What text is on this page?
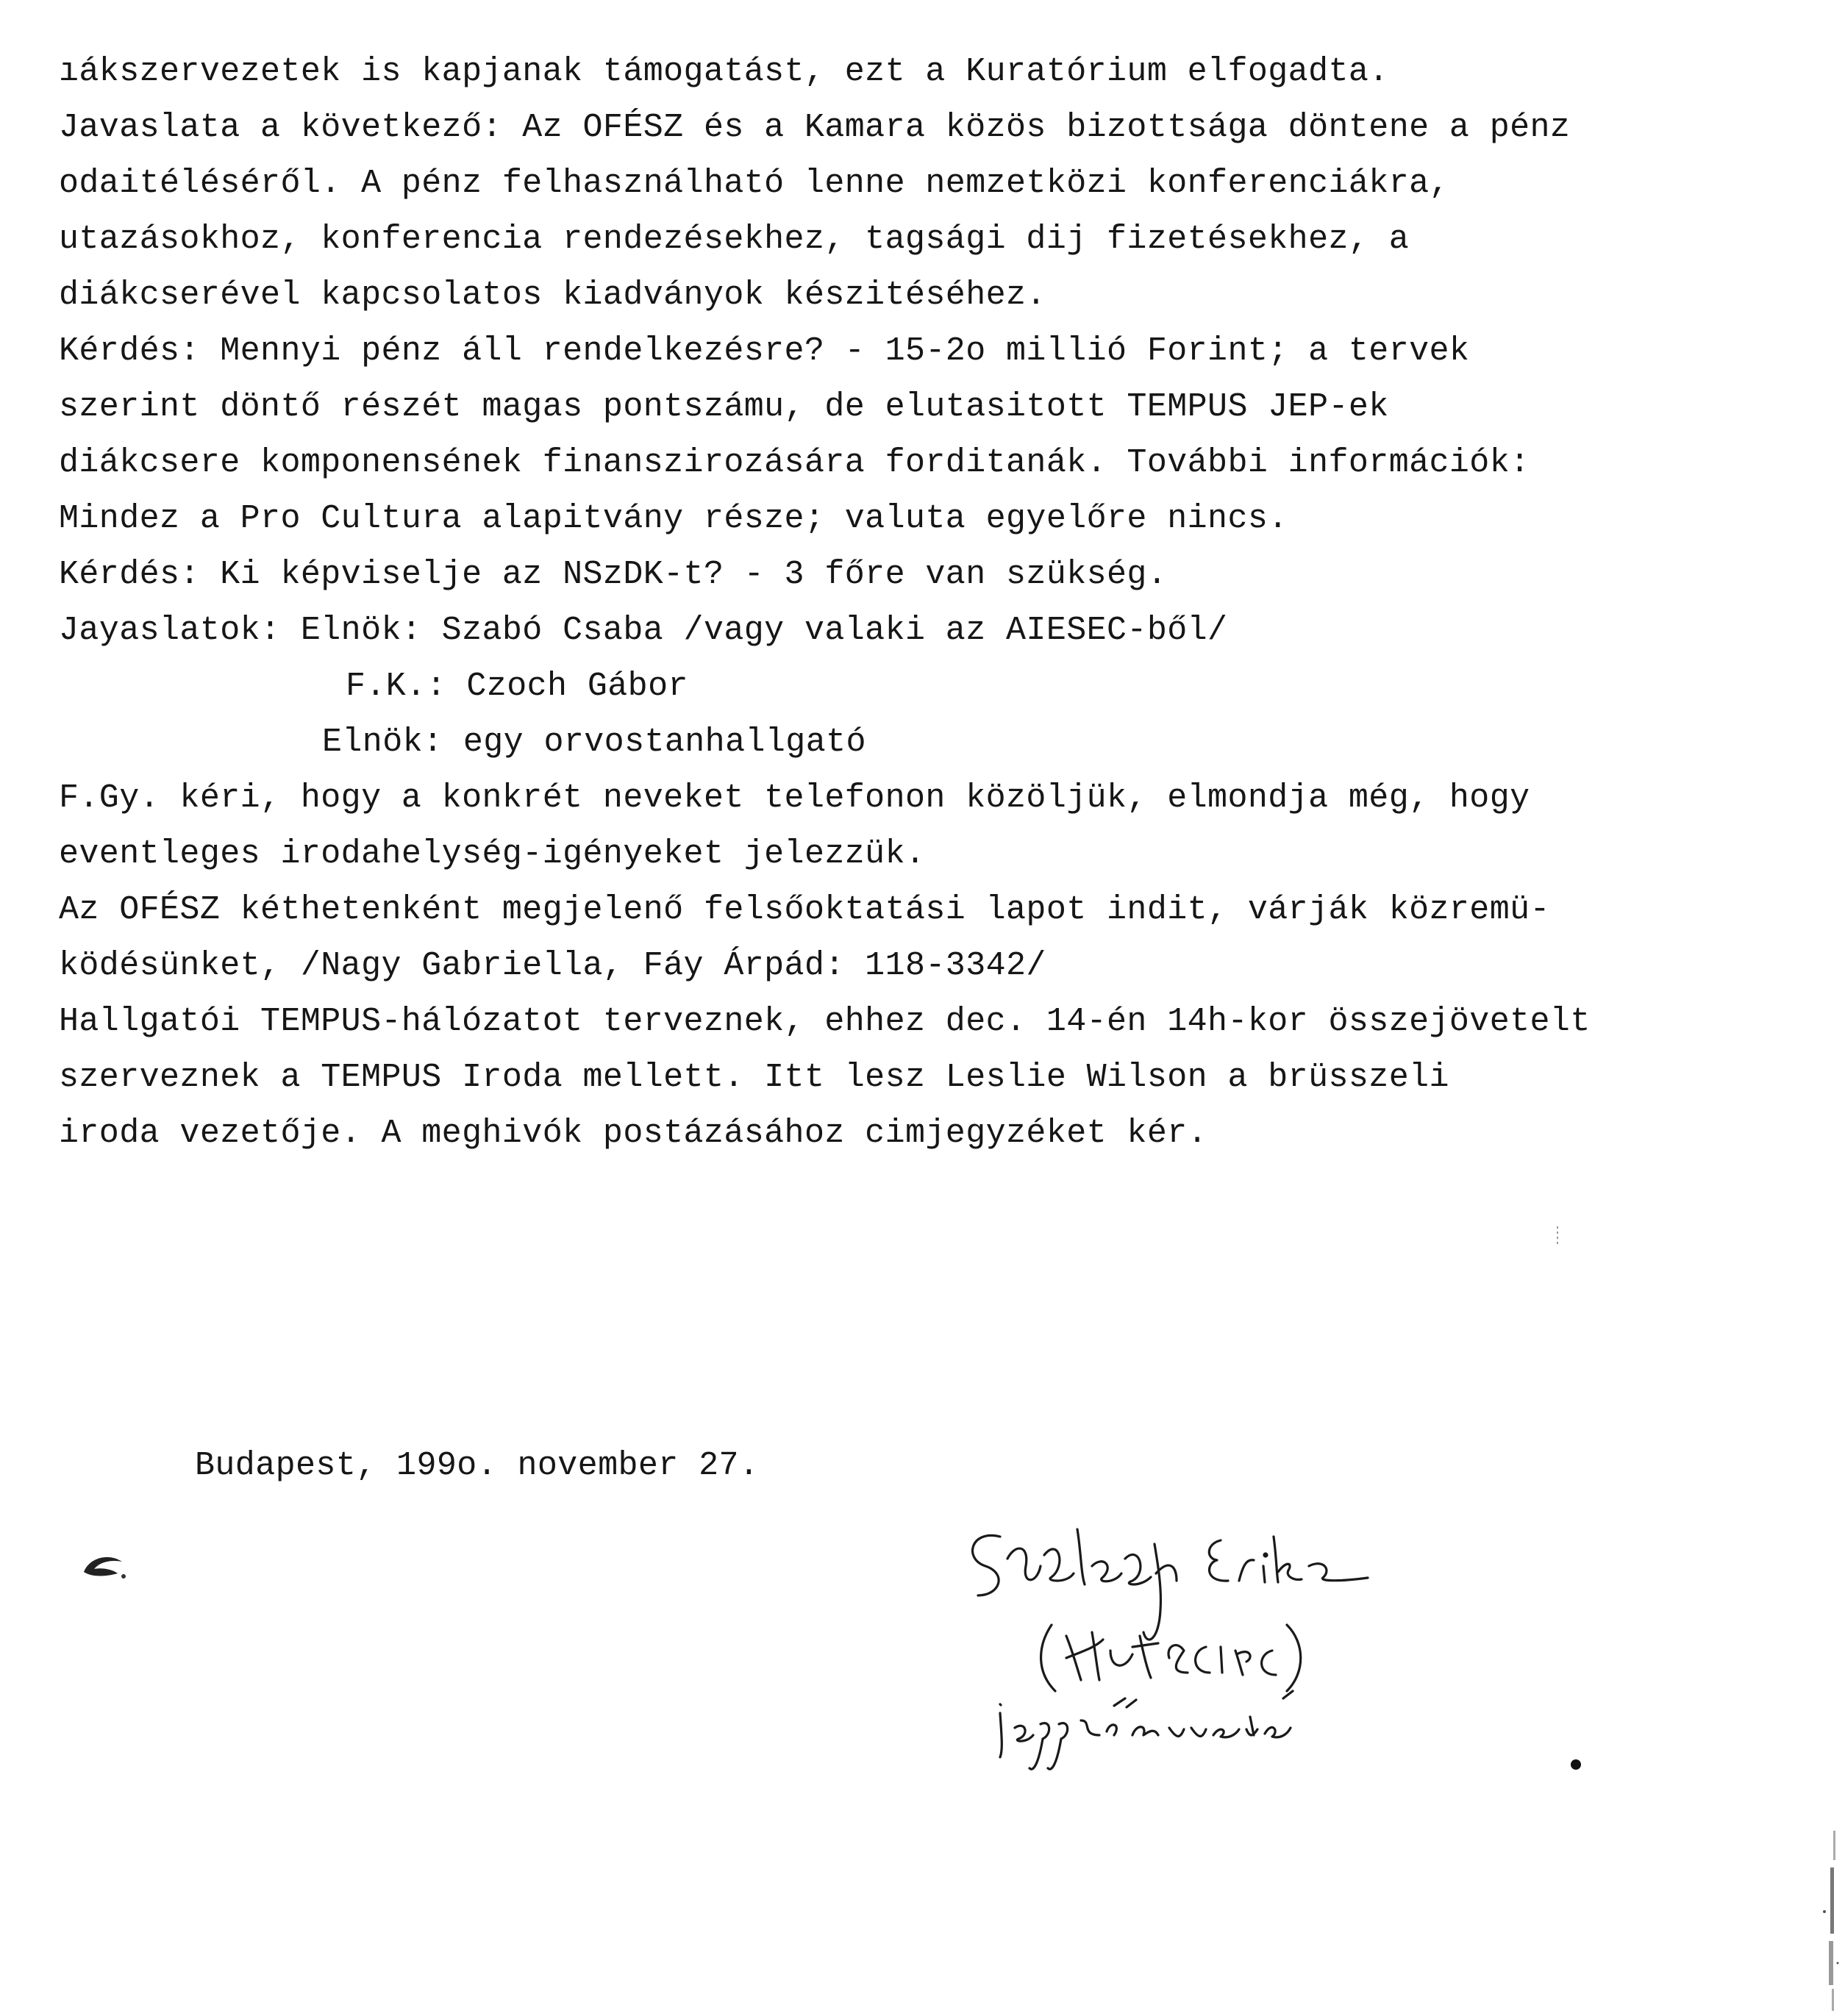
ıákszervezetek is kapjanak támogatást, ezt a Kuratórium elfogadta.
Javaslata a következő: Az OFÉSZ és a Kamara közös bizottsága döntene a pénz
odaitéléséről. A pénz felhasználható lenne nemzetközi konferenciákra,
utazásokhoz, konferencia rendezésekhez, tagsági dij fizetésekhez, a
diákcserével kapcsolatos kiadványok készitéséhez.
Kérdés: Mennyi pénz áll rendelkezésre? - 15-2o millió Forint; a tervek
szerint döntő részét magas pontszámu, de elutasitott TEMPUS JEP-ek
diákcsere komponensének finanszirozására forditanák. További információk:
Mindez a Pro Cultura alapitvány része; valuta egyelőre nincs.
Kérdés: Ki képviselje az NSzDK-t? - 3 főre van szükség.
Jayaslatok: Elnök: Szabó Csaba /vagy valaki az AIESEC-ből/
F.K.: Czoch Gábor
Elnök: egy orvostanhallgató
F.Gy. kéri, hogy a konkrét neveket telefonon közöljük, elmondja még, hogy
eventleges irodahelység-igényeket jelezzük.
Az OFÉSZ kéthetenként megjelenő felsőoktatási lapot indit, várják közremü-
ködésünket, /Nagy Gabriella, Fáy Árpád: 118-3342/
Hallgatói TEMPUS-hálózatot terveznek, ehhez dec. 14-én 14h-kor összejövetelt
szerveznek a TEMPUS Iroda mellett. Itt lesz Leslie Wilson a brüsszeli
iroda vezetője. A meghivók postázásához cimjegyzéket kér.
Budapest, 199o. november 27.
